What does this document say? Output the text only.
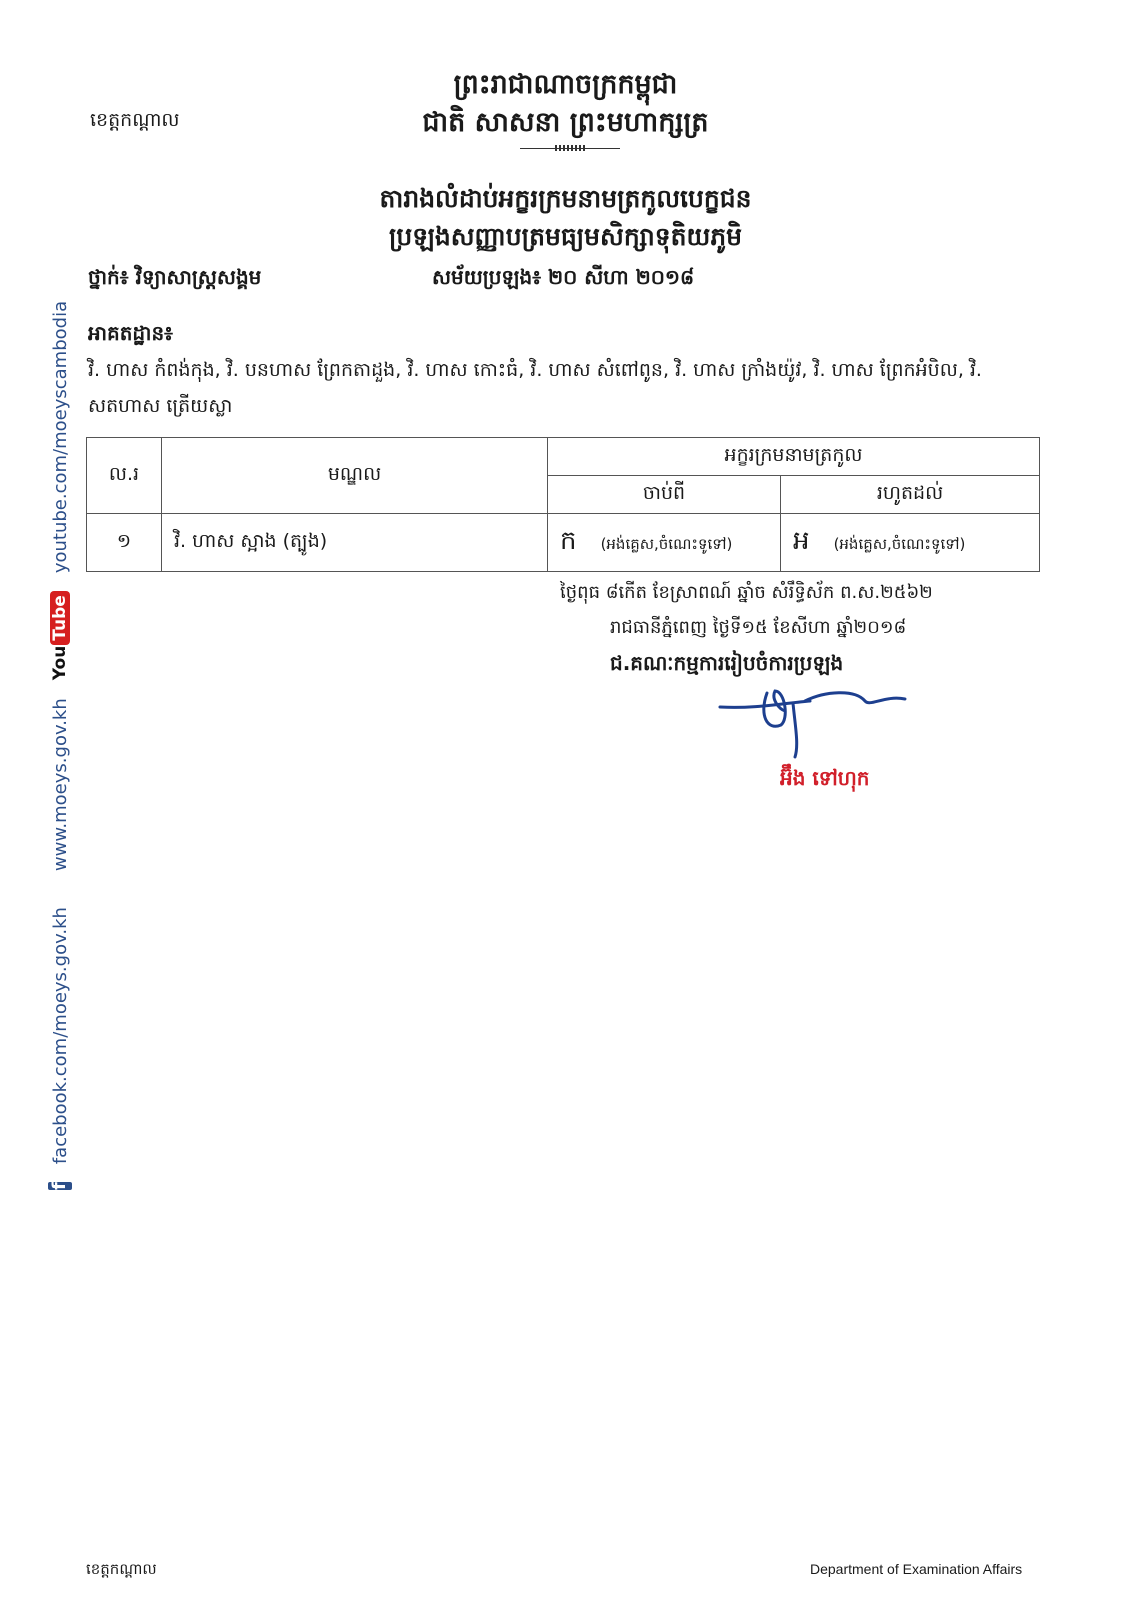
ខេត្តកណ្តាល
ព្រះរាជាណាចក្រកម្ពុជា
ជាតិ សាសនា ព្រះមហាក្សត្រ
តារាងលំដាប់អក្ខរក្រមនាមត្រកូលបេក្ខជន
ប្រឡងសញ្ញាបត្រមធ្យមសិក្សាទុតិយភូមិ
ថ្នាក់៖ វិទ្យាសាស្ត្រសង្គម	សម័យប្រឡង៖ ២០ សីហា ២០១៨
អាគតដ្ឋាន៖
វិ. ហាស កំពង់កុង, វិ. បនហាស ព្រែកតាដួង, វិ. ហាស កោះធំ, វិ. ហាស សំពៅពូន, វិ. ហាស ក្រាំងយ៉ូវ, វិ. ហាស ព្រែកអំបិល, វិ. សតហាស ត្រើយស្លា
ល.រ	មណ្ឌល	អក្ខរក្រមនាមត្រកូល	
		ចាប់ពី	រហូតដល់
១	វិ. ហាស ស្អាង (ត្បូង)	ក (អង់គ្លេស,ចំណេះទូទៅ)	អ (អង់គ្លេស,ចំណេះទូទៅ)
ថ្ងៃពុធ ៨កើត ខែស្រាពណ៍ ឆ្នាំច សំរឹទ្ធិស័ក ព.ស.២៥៦២
រាជធានីភ្នំពេញ ថ្ងៃទី១៥ ខែសីហា ឆ្នាំ២០១៨
ជ.គណៈកម្មការរៀបចំការប្រឡង
អ៊ឹង ទៅហុក
f
facebook.com/moeys.gov.kh
www.moeys.gov.kh
You
Tube
youtube.com/moeyscambodia
ខេត្តកណ្តាល	Department of Examination Affairs
